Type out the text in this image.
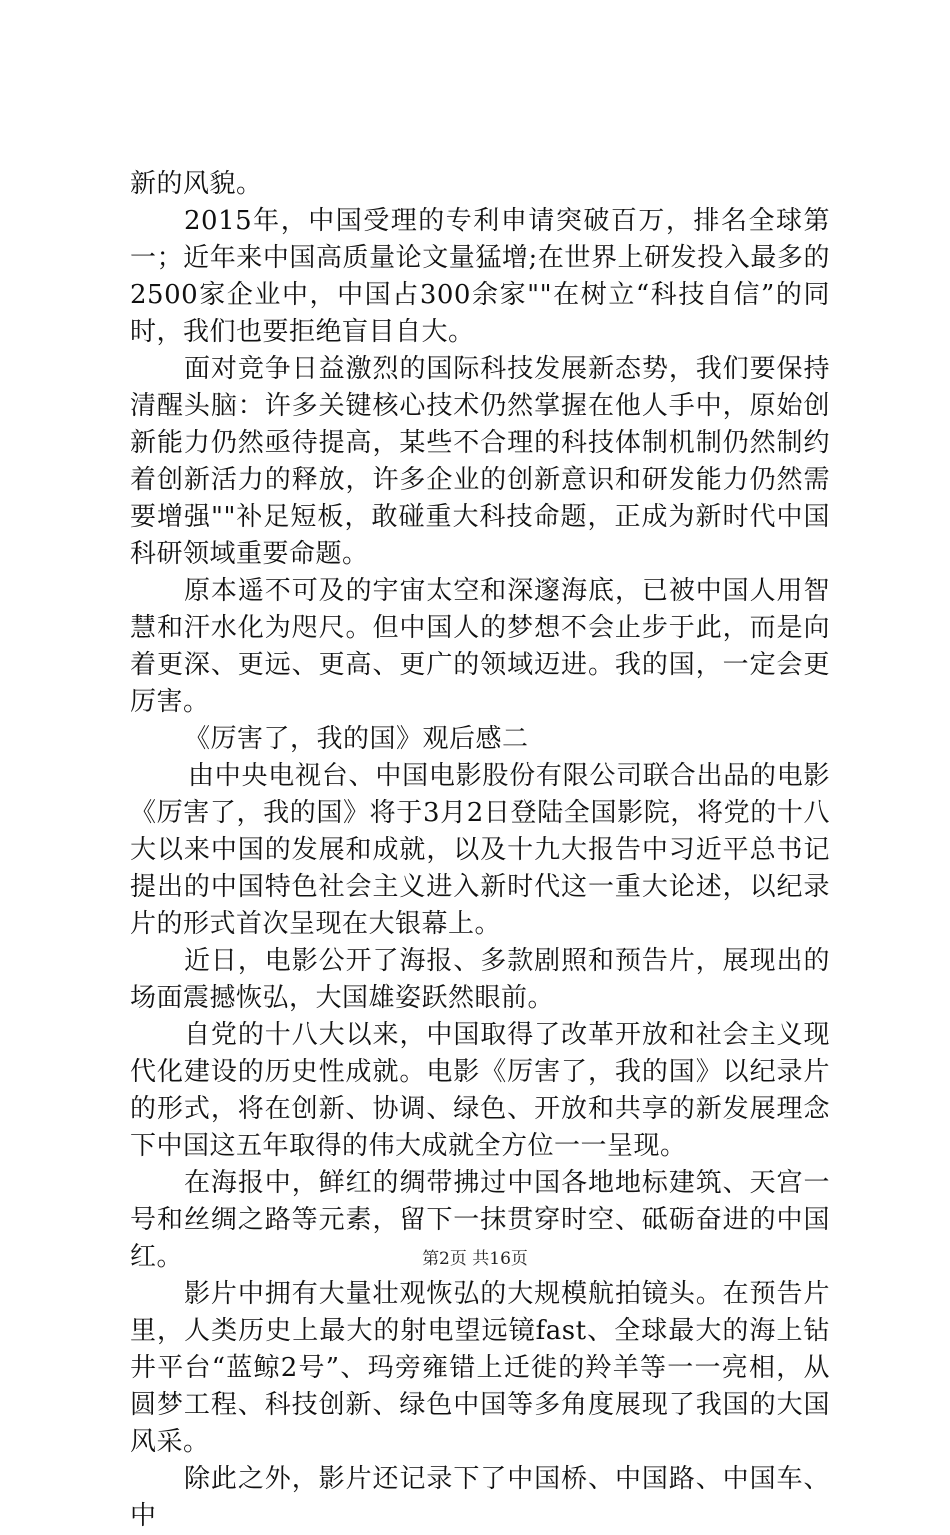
新的风貌。

2015年，中国受理的专利申请突破百万，排名全球第一；近年来中国高质量论文量猛增;在世界上研发投入最多的2500家企业中，中国占300余家""在树立“科技自信”的同时，我们也要拒绝盲目自大。

面对竞争日益激烈的国际科技发展新态势，我们要保持清醒头脑：许多关键核心技术仍然掌握在他人手中，原始创新能力仍然亟待提高，某些不合理的科技体制机制仍然制约着创新活力的释放，许多企业的创新意识和研发能力仍然需要增强""补足短板，敢碰重大科技命题，正成为新时代中国科研领域重要命题。

原本遥不可及的宇宙太空和深邃海底，已被中国人用智慧和汗水化为咫尺。但中国人的梦想不会止步于此，而是向着更深、更远、更高、更广的领域迈进。我的国，一定会更厉害。

《厉害了，我的国》观后感二

由中央电视台、中国电影股份有限公司联合出品的电影《厉害了，我的国》将于3月2日登陆全国影院，将党的十八大以来中国的发展和成就，以及十九大报告中习近平总书记提出的中国特色社会主义进入新时代这一重大论述，以纪录片的形式首次呈现在大银幕上。

近日，电影公开了海报、多款剧照和预告片，展现出的场面震撼恢弘，大国雄姿跃然眼前。

自党的十八大以来，中国取得了改革开放和社会主义现代化建设的历史性成就。电影《厉害了，我的国》以纪录片的形式，将在创新、协调、绿色、开放和共享的新发展理念下中国这五年取得的伟大成就全方位一一呈现。

在海报中，鲜红的绸带拂过中国各地地标建筑、天宫一号和丝绸之路等元素，留下一抹贯穿时空、砥砺奋进的中国红。

影片中拥有大量壮观恢弘的大规模航拍镜头。在预告片里，人类历史上最大的射电望远镜fast、全球最大的海上钻井平台“蓝鲸2号”、玛旁雍错上迁徙的羚羊等一一亮相，从圆梦工程、科技创新、绿色中国等多角度展现了我国的大国风采。

除此之外，影片还记录下了中国桥、中国路、中国车、中

第2页 共16页
